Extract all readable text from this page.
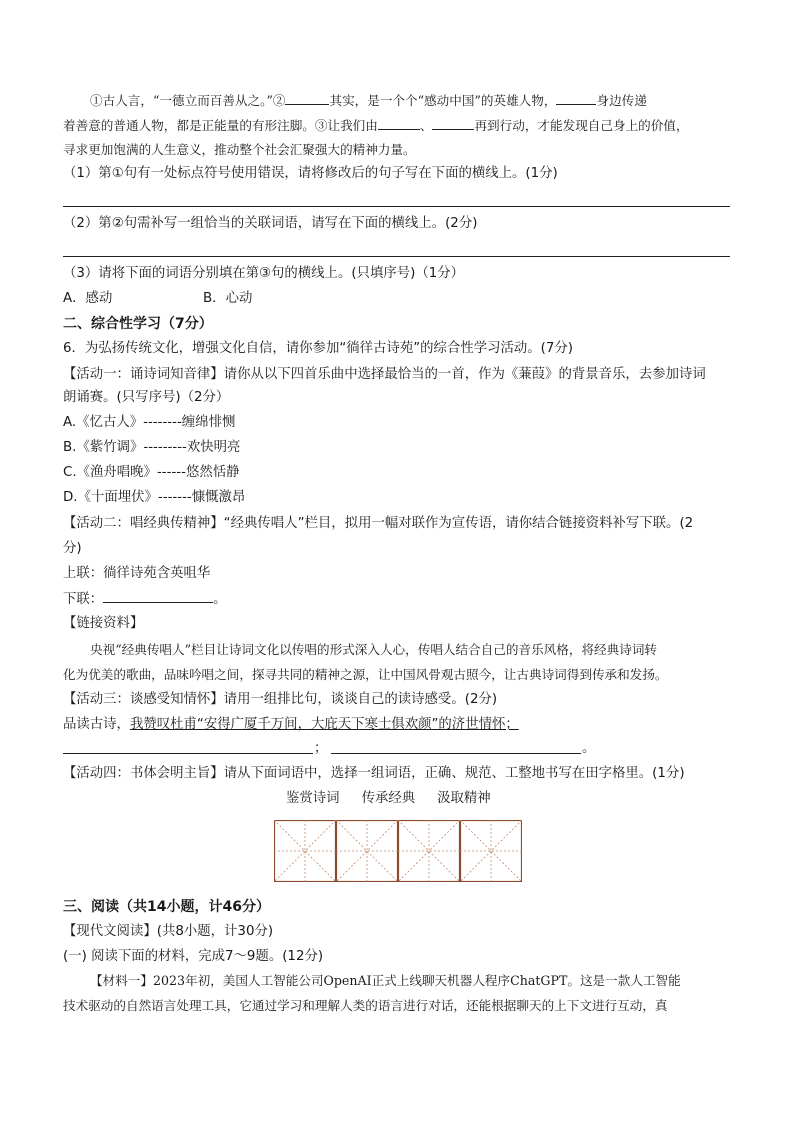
①古人言，“一德立而百善从之。”②	其实，是一个个“感动中国”的英雄人物，	身边传递
着善意的普通人物，都是正能量的有形注脚。③让我们由	、	再到行动，才能发现自己身上的价值，
寻求更加饱满的人生意义，推动整个社会汇聚强大的精神力量。
（1）第①句有一处标点符号使用错误，请将修改后的句子写在下面的横线上。(1分)
（2）第②句需补写一组恰当的关联词语，请写在下面的横线上。(2分)
（3）请将下面的词语分别填在第③句的横线上。(只填序号)（1分）
A．感动	B．心动
二、综合性学习（7分）
6．为弘扬传统文化，增强文化自信，请你参加“徜徉古诗苑”的综合性学习活动。(7分)
【活动一：诵诗词知音律】请你从以下四首乐曲中选择最恰当的一首，作为《蒹葭》的背景音乐，去参加诗词
朗诵赛。(只写序号)（2分）
A.《忆古人》--------缠绵悱恻
B.《紫竹调》---------欢快明亮
C.《渔舟唱晚》------悠然恬静
D.《十面埋伏》-------慷慨激昂
【活动二：唱经典传精神】“经典传唱人”栏目，拟用一幅对联作为宣传语，请你结合链接资料补写下联。(2
分)
上联：徜徉诗苑含英咀华
下联：	。
【链接资料】
央视“经典传唱人”栏目让诗词文化以传唱的形式深入人心，传唱人结合自己的音乐风格，将经典诗词转
化为优美的歌曲，品味吟唱之间，探寻共同的精神之源，让中国风骨观古照今，让古典诗词得到传承和发扬。
【活动三：谈感受知情怀】请用一组排比句，谈谈自己的读诗感受。(2分)
品读古诗，我赞叹杜甫“安得广厦千万间，大庇天下寒士俱欢颜”的济世情怀；
；	。
【活动四：书体会明主旨】请从下面词语中，选择一组词语，正确、规范、工整地书写在田字格里。(1分)
鉴赏诗词 传承经典 汲取精神
三、阅读（共14小题，计46分）
【现代文阅读】(共8小题，计30分)
(一) 阅读下面的材料，完成7～9题。(12分)
【材料一】2023年初，美国人工智能公司OpenAI正式上线聊天机器人程序ChatGPT。这是一款人工智能
技术驱动的自然语言处理工具，它通过学习和理解人类的语言进行对话，还能根据聊天的上下文进行互动，真
